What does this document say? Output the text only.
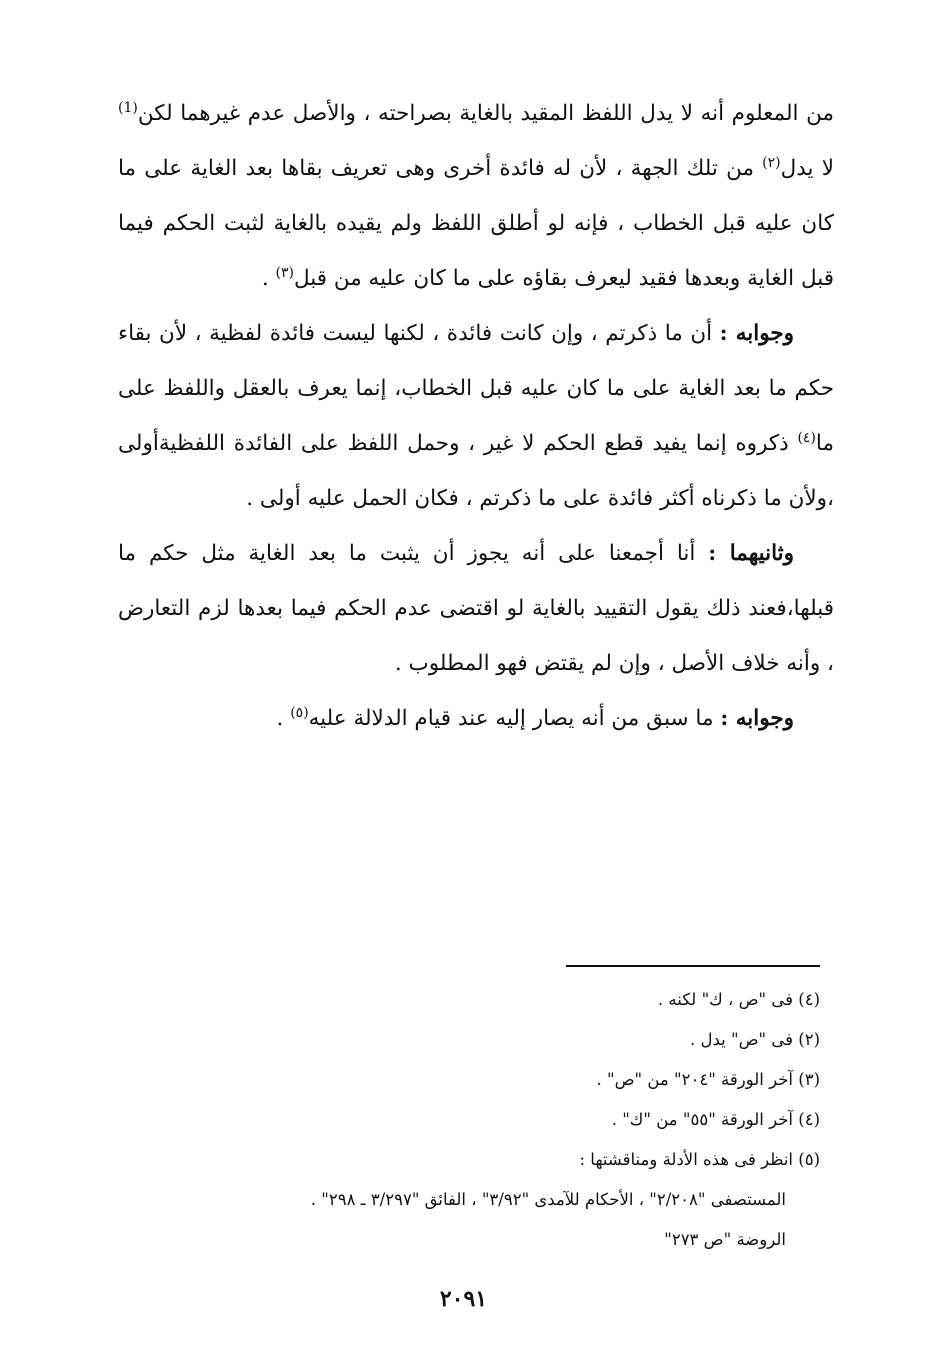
من المعلوم أنه لا يدل اللفظ المقيد بالغاية بصراحته ، والأصل عدم غيرهما لكن$^{(1)}$ لا يدل$^{(٢)}$ من تلك الجهة ، لأن له فائدة أخرى وهى تعريف بقاها بعد الغاية على ما كان عليه قبل الخطاب ، فإنه لو أطلق اللفظ ولم يقيده بالغاية لثبت الحكم فيما قبل الغاية وبعدها فقيد ليعرف بقاؤه على ما كان عليه من قبل$^{(٣)}$ .

وجوابه : أن ما ذكرتم ، وإن كانت فائدة ، لكنها ليست فائدة لفظية ، لأن بقاء حكم ما بعد الغاية على ما كان عليه قبل الخطاب، إنما يعرف بالعقل واللفظ على ما$^{(٤)}$ ذكروه إنما يفيد قطع الحكم لا غير ، وحمل اللفظ على الفائدة اللفظيةأولى ،ولأن ما ذكرناه أكثر فائدة على ما ذكرتم ، فكان الحمل عليه أولى .

وثانيهما : أنا أجمعنا على أنه يجوز أن يثبت ما بعد الغاية مثل حكم ما قبلها،فعند ذلك يقول التقييد بالغاية لو اقتضى عدم الحكم فيما بعدها لزم التعارض ، وأنه خلاف الأصل ، وإن لم يقتض فهو المطلوب .

وجوابه : ما سبق من أنه يصار إليه عند قيام الدلالة عليه$^{(٥)}$ .

(٤) فى "ص ، ك" لكنه .

(٢) فى "ص" يدل .

(٣) آخر الورقة "٢٠٤" من "ص" .

(٤) آخر الورقة "٥٥" من "ك" .

(٥) انظر فى هذه الأدلة ومناقشتها :

المستصفى "٢/٢٠٨" ، الأحكام للآمدى "٣/٩٢" ، الفائق "٣/٢٩٧ ـ ٢٩٨" .

الروضة "ص ٢٧٣"

٢٠٩١
